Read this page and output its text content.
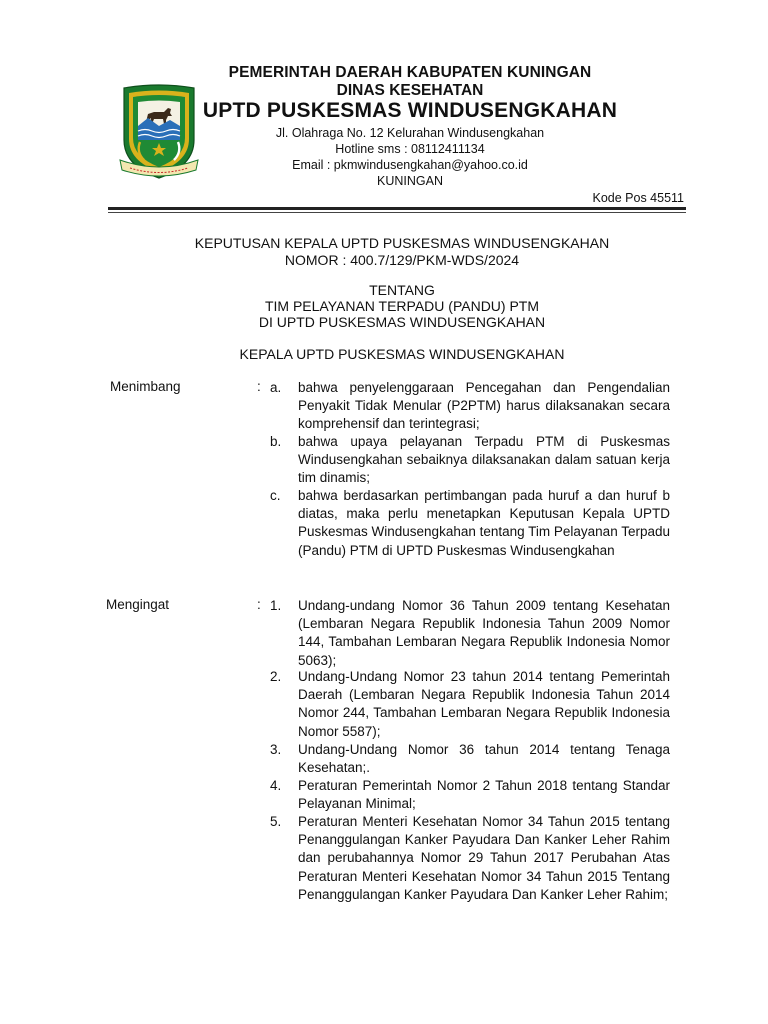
PEMERINTAH DAERAH KABUPATEN KUNINGAN

DINAS KESEHATAN

UPTD PUSKESMAS WINDUSENGKAHAN

Jl. Olahraga No. 12 Kelurahan Windusengkahan

Hotline sms : 08112411134

Email : pkmwindusengkahan@yahoo.co.id

KUNINGAN

Kode Pos 45511

KEPUTUSAN KEPALA UPTD PUSKESMAS WINDUSENGKAHAN

NOMOR : 400.7/129/PKM-WDS/2024

TENTANG

TIM PELAYANAN TERPADU (PANDU) PTM

DI UPTD PUSKESMAS WINDUSENGKAHAN

KEPALA UPTD PUSKESMAS WINDUSENGKAHAN

Menimbang	: a.	bahwa penyelenggaraan Pencegahan dan Pengendalian Penyakit Tidak Menular (P2PTM) harus dilaksanakan secara komprehensif dan terintegrasi;
b.	bahwa upaya pelayanan Terpadu PTM di Puskesmas Windusengkahan sebaiknya dilaksanakan dalam satuan kerja tim dinamis;
c.	bahwa berdasarkan pertimbangan pada huruf a dan huruf b diatas, maka perlu menetapkan Keputusan Kepala UPTD Puskesmas Windusengkahan tentang Tim Pelayanan Terpadu (Pandu) PTM di UPTD Puskesmas Windusengkahan
Mengingat	: 1.	Undang-undang Nomor 36 Tahun 2009 tentang Kesehatan (Lembaran Negara Republik Indonesia Tahun 2009 Nomor 144, Tambahan Lembaran Negara Republik Indonesia Nomor 5063);
2.	Undang-Undang Nomor 23 tahun 2014 tentang Pemerintah Daerah (Lembaran Negara Republik Indonesia Tahun 2014 Nomor 244, Tambahan Lembaran Negara Republik Indonesia Nomor 5587);
3.	Undang-Undang Nomor 36 tahun 2014 tentang Tenaga Kesehatan;.
4.	Peraturan Pemerintah Nomor 2 Tahun 2018 tentang Standar Pelayanan Minimal;
5.	Peraturan Menteri Kesehatan Nomor 34 Tahun 2015 tentang Penanggulangan Kanker Payudara Dan Kanker Leher Rahim dan perubahannya Nomor 29 Tahun 2017 Perubahan Atas Peraturan Menteri Kesehatan Nomor 34 Tahun 2015 Tentang Penanggulangan Kanker Payudara Dan Kanker Leher Rahim;
